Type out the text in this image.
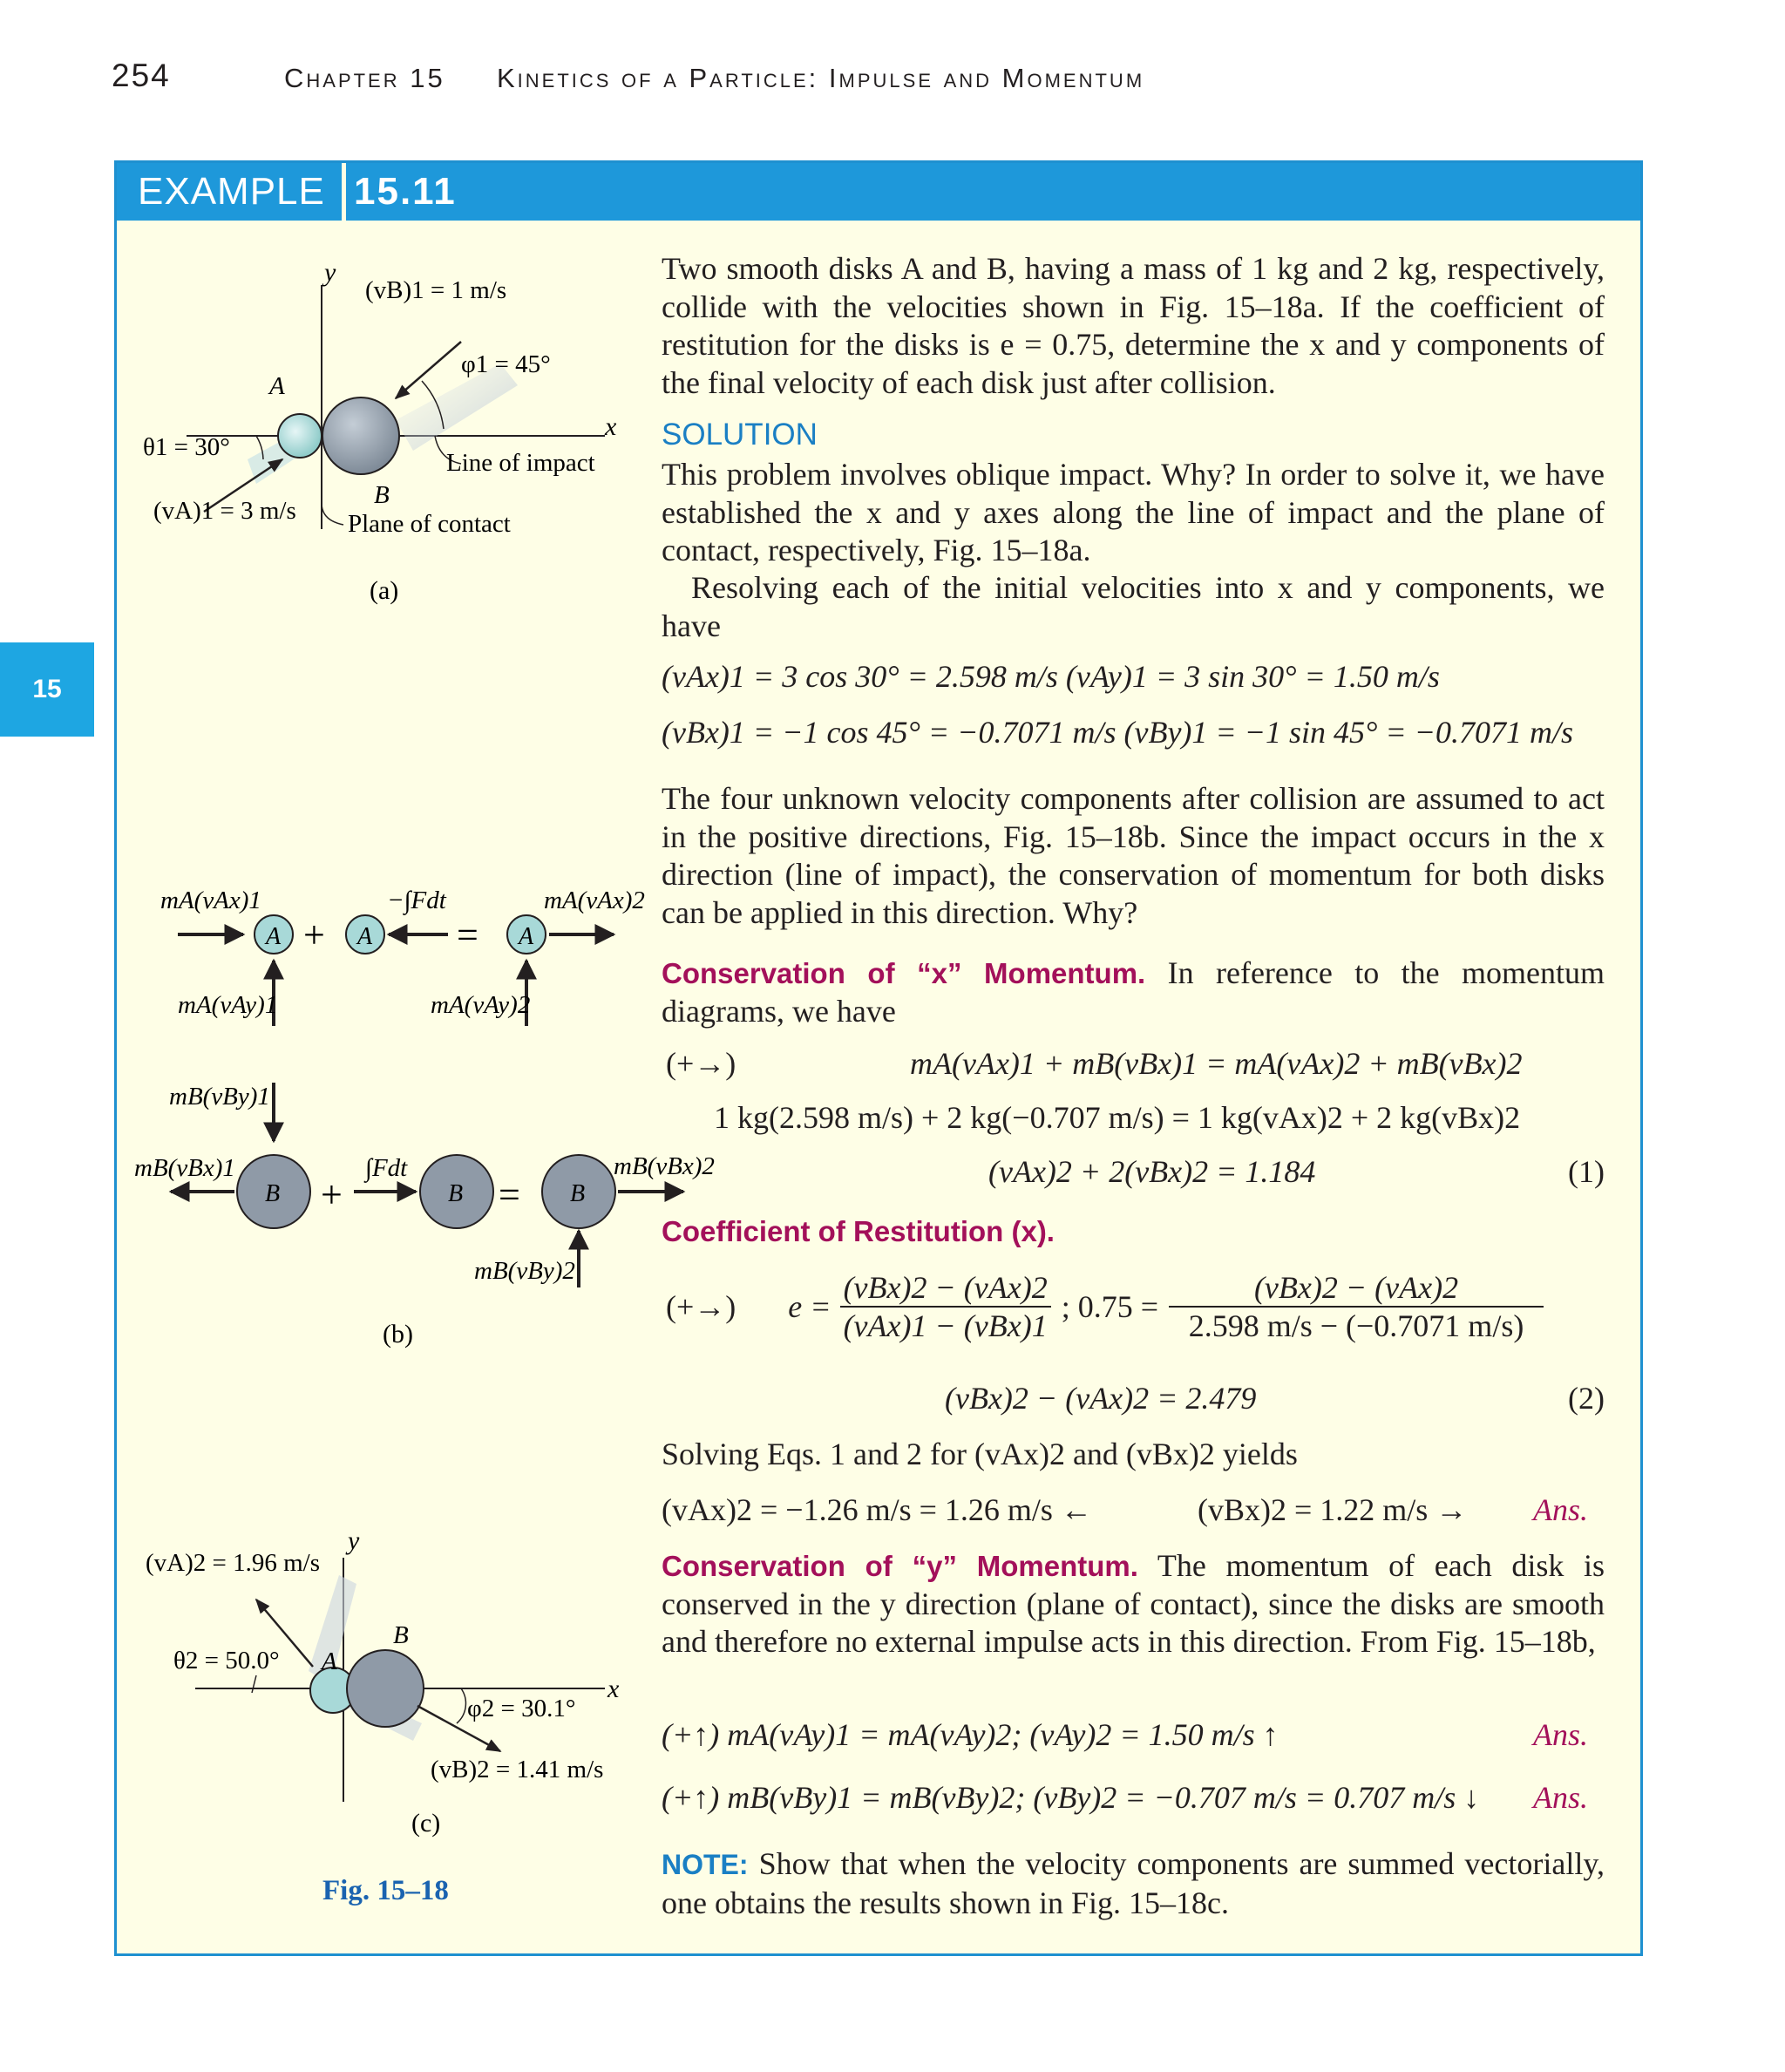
254	Chapter 15 Kinetics of a Particle: Impulse and Momentum
15
EXAMPLE 15.11
y
x
(vB)1 = 1 m/s
φ1 = 45°
A
B
θ1 = 30°
Line of impact
(vA)1 = 3 m/s Plane of contact
(a)
mA(vAx)1	−∫Fdt	mA(vAx)2
A + A = A
mA(vAy)1	mA(vAy)2
mB(vBy)1
mB(vBx)1
B +
∫Fdt
B = B
mB(vBx)2
mB(vBy)2
(b)
y
x
(vA)2 = 1.96 m/s
θ2 = 50.0° A
B
φ2 = 30.1°
(vB)2 = 1.41 m/s
(c)
Fig. 15–18
Two smooth disks A and B, having a mass of 1 kg and 2 kg, respectively, collide with the velocities shown in Fig. 15–18a. If the coefficient of restitution for the disks is e = 0.75, determine the x and y components of the final velocity of each disk just after collision.
SOLUTION
This problem involves oblique impact. Why? In order to solve it, we have established the x and y axes along the line of impact and the plane of contact, respectively, Fig. 15–18a.
Resolving each of the initial velocities into x and y components, we have
(vAx)1 = 3 cos 30° = 2.598 m/s (vAy)1 = 3 sin 30° = 1.50 m/s
(vBx)1 = −1 cos 45° = −0.7071 m/s (vBy)1 = −1 sin 45° = −0.7071 m/s
The four unknown velocity components after collision are assumed to act in the positive directions, Fig. 15–18b. Since the impact occurs in the x direction (line of impact), the conservation of momentum for both disks can be applied in this direction. Why?
Conservation of “x” Momentum. In reference to the momentum diagrams, we have
(+→)	mA(vAx)1 + mB(vBx)1 = mA(vAx)2 + mB(vBx)2
1 kg(2.598 m/s) + 2 kg(−0.707 m/s) = 1 kg(vAx)2 + 2 kg(vBx)2
(vAx)2 + 2(vBx)2 = 1.184	(1)
Coefficient of Restitution (x).
(+→) $e = \frac{\text{(vBx)2 − (vAx)2}}{\text{(vAx)1 − (vBx)1}}$ ; $0.75 = \frac{\text{(vBx)2 − (vAx)2}}{2.598 m/s - (-0.7071 m/s)}$
(vBx)2 − (vAx)2 = 2.479	(2)
Solving Eqs. 1 and 2 for (vAx)2 and (vBx)2 yields
(vAx)2 = −1.26 m/s = 1.26 m/s ←	(vBx)2 = 1.22 m/s → Ans.
Conservation of “y” Momentum. The momentum of each disk is conserved in the y direction (plane of contact), since the disks are smooth and therefore no external impulse acts in this direction. From Fig. 15–18b,
(+↑) mA(vAy)1 = mA(vAy)2; (vAy)2 = 1.50 m/s ↑	Ans.
(+↑) mB(vBy)1 = mB(vBy)2; (vBy)2 = −0.707 m/s = 0.707 m/s ↓ Ans.
NOTE: Show that when the velocity components are summed vectorially, one obtains the results shown in Fig. 15–18c.
